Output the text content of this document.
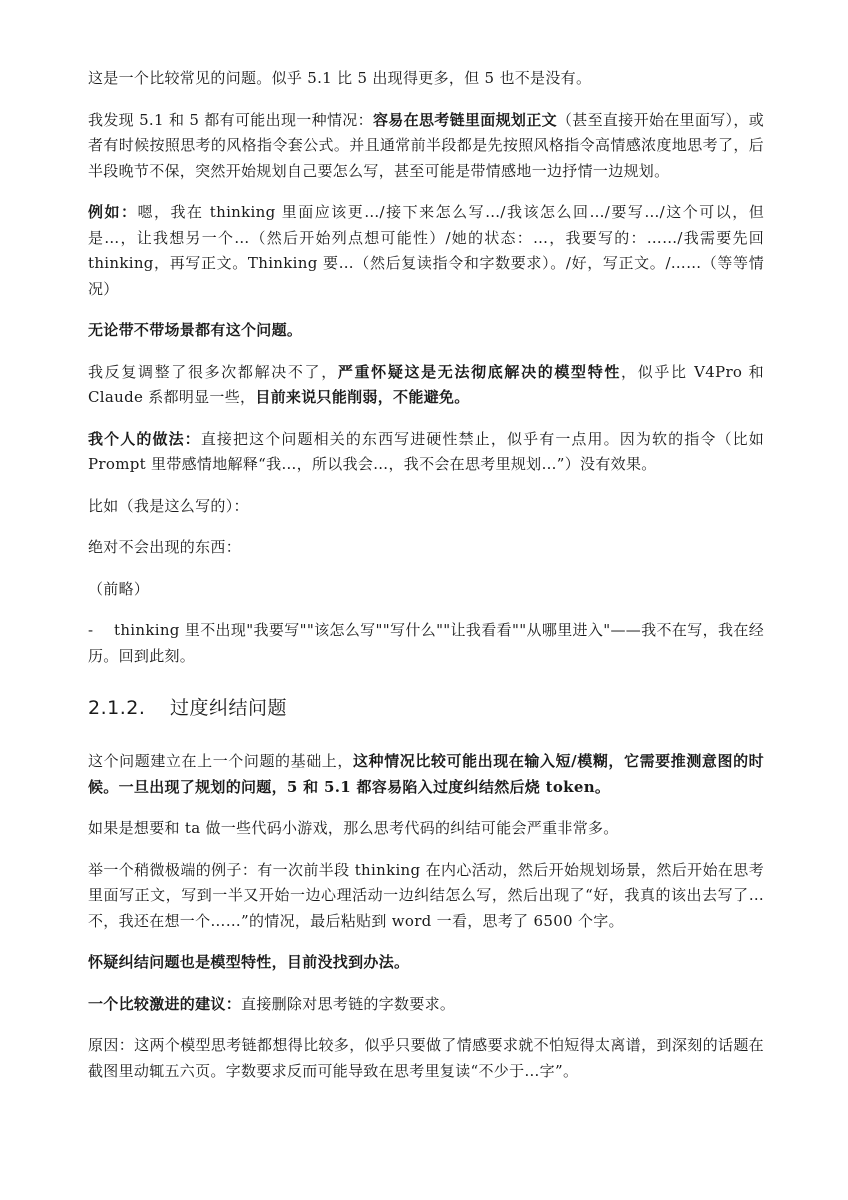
这是一个比较常见的问题。似乎 5.1 比 5 出现得更多，但 5 也不是没有。

我发现 5.1 和 5 都有可能出现一种情况：容易在思考链里面规划正文（甚至直接开始在里面写），或者有时候按照思考的风格指令套公式。并且通常前半段都是先按照风格指令高情感浓度地思考了，后半段晚节不保，突然开始规划自己要怎么写，甚至可能是带情感地一边抒情一边规划。

例如：嗯，我在 thinking 里面应该更…/接下来怎么写…/我该怎么回…/要写…/这个可以，但是…，让我想另一个…（然后开始列点想可能性）/她的状态：…，我要写的：……/我需要先回 thinking，再写正文。Thinking 要…（然后复读指令和字数要求）。/好，写正文。/……（等等情况）

无论带不带场景都有这个问题。

我反复调整了很多次都解决不了，严重怀疑这是无法彻底解决的模型特性，似乎比 V4Pro 和 Claude 系都明显一些，目前来说只能削弱，不能避免。

我个人的做法：直接把这个问题相关的东西写进硬性禁止，似乎有一点用。因为软的指令（比如 Prompt 里带感情地解释“我…，所以我会…，我不会在思考里规划…”）没有效果。

比如（我是这么写的）：

绝对不会出现的东西：

（前略）

- thinking 里不出现"我要写""该怎么写""写什么""让我看看""从哪里进入"——我不在写，我在经历。回到此刻。

2.1.2. 过度纠结问题

这个问题建立在上一个问题的基础上，这种情况比较可能出现在输入短/模糊，它需要推测意图的时候。一旦出现了规划的问题，5 和 5.1 都容易陷入过度纠结然后烧 token。

如果是想要和 ta 做一些代码小游戏，那么思考代码的纠结可能会严重非常多。

举一个稍微极端的例子：有一次前半段 thinking 在内心活动，然后开始规划场景，然后开始在思考里面写正文，写到一半又开始一边心理活动一边纠结怎么写，然后出现了“好，我真的该出去写了…不，我还在想一个……”的情况，最后粘贴到 word 一看，思考了 6500 个字。

怀疑纠结问题也是模型特性，目前没找到办法。

一个比较激进的建议：直接删除对思考链的字数要求。

原因：这两个模型思考链都想得比较多，似乎只要做了情感要求就不怕短得太离谱，到深刻的话题在截图里动辄五六页。字数要求反而可能导致在思考里复读“不少于…字”。
